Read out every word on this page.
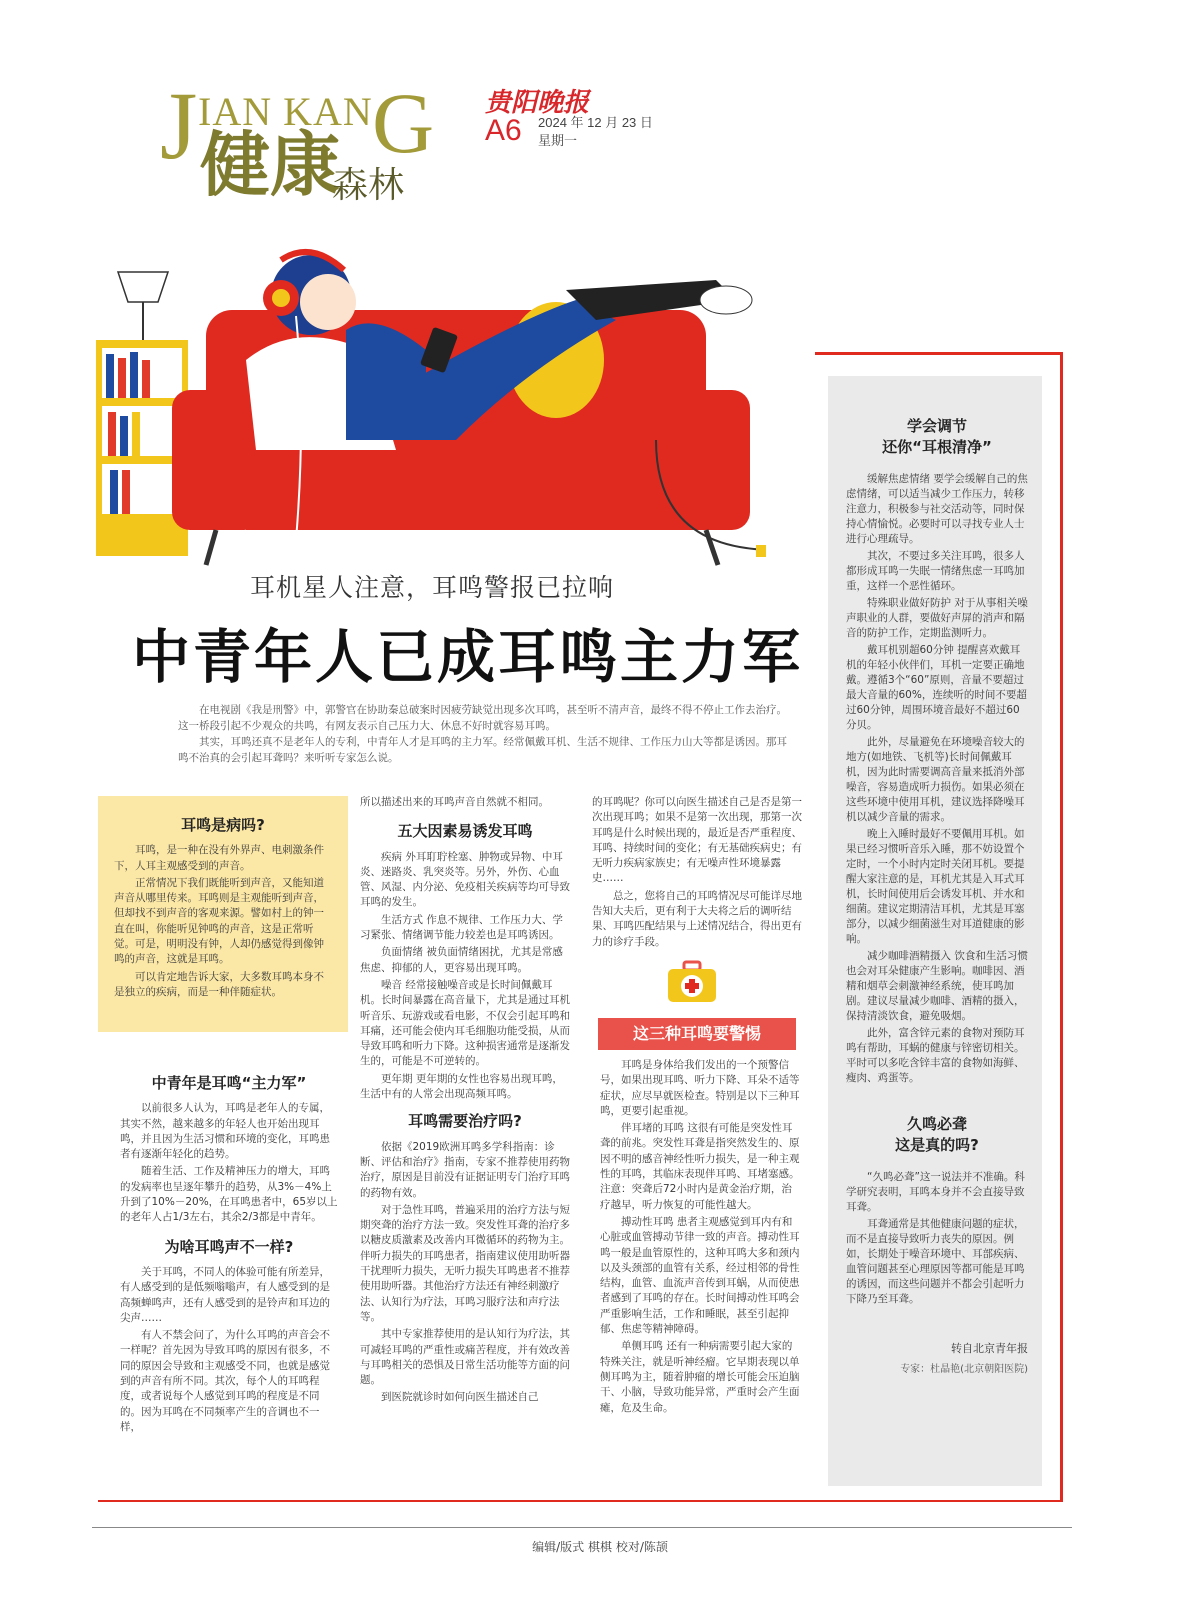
J IAN KAN G
健康
森林
贵阳晚报
A6 2024 年 12 月 23 日
星期一
耳机星人注意，耳鸣警报已拉响
中青年人已成耳鸣主力军

在电视剧《我是刑警》中，郭警官在协助秦总破案时因疲劳缺觉出现多次耳鸣，甚至听不清声音，最终不得不停止工作去治疗。这一桥段引起不少观众的共鸣，有网友表示自己压力大、休息不好时就容易耳鸣。

其实，耳鸣还真不是老年人的专利，中青年人才是耳鸣的主力军。经常佩戴耳机、生活不规律、工作压力山大等都是诱因。那耳鸣不治真的会引起耳聋吗？来听听专家怎么说。

耳鸣是病吗?

耳鸣，是一种在没有外界声、电刺激条件下，人耳主观感受到的声音。

正常情况下我们既能听到声音，又能知道声音从哪里传来。耳鸣则是主观能听到声音，但却找不到声音的客观来源。譬如村上的钟一直在叫，你能听见钟鸣的声音，这是正常听觉。可是，明明没有钟，人却仍感觉得到像钟鸣的声音，这就是耳鸣。

可以肯定地告诉大家，大多数耳鸣本身不是独立的疾病，而是一种伴随症状。

中青年是耳鸣“主力军”

以前很多人认为，耳鸣是老年人的专属，其实不然，越来越多的年轻人也开始出现耳鸣，并且因为生活习惯和环境的变化，耳鸣患者有逐渐年轻化的趋势。

随着生活、工作及精神压力的增大，耳鸣的发病率也呈逐年攀升的趋势，从3%－4%上升到了10%－20%，在耳鸣患者中，65岁以上的老年人占1/3左右，其余2/3都是中青年。

为啥耳鸣声不一样?

关于耳鸣，不同人的体验可能有所差异，有人感受到的是低频嗡嗡声，有人感受到的是高频蝉鸣声，还有人感受到的是铃声和耳边的尖声……

有人不禁会问了，为什么耳鸣的声音会不一样呢？首先因为导致耳鸣的原因有很多，不同的原因会导致和主观感受不同，也就是感觉到的声音有所不同。其次，每个人的耳鸣程度，或者说每个人感觉到耳鸣的程度是不同的。因为耳鸣在不同频率产生的音调也不一样，

所以描述出来的耳鸣声音自然就不相同。

五大因素易诱发耳鸣

疾病 外耳耵聍栓塞、肿物或异物、中耳炎、迷路炎、乳突炎等。另外，外伤、心血管、风湿、内分泌、免疫相关疾病等均可导致耳鸣的发生。

生活方式 作息不规律、工作压力大、学习紧张、情绪调节能力较差也是耳鸣诱因。

负面情绪 被负面情绪困扰，尤其是常感焦虑、抑郁的人，更容易出现耳鸣。

噪音 经常接触噪音或是长时间佩戴耳机。长时间暴露在高音量下，尤其是通过耳机听音乐、玩游戏或看电影，不仅会引起耳鸣和耳痛，还可能会使内耳毛细胞功能受损，从而导致耳鸣和听力下降。这种损害通常是逐渐发生的，可能是不可逆转的。

更年期 更年期的女性也容易出现耳鸣，生活中有的人常会出现高频耳鸣。

耳鸣需要治疗吗?

依据《2019欧洲耳鸣多学科指南：诊断、评估和治疗》指南，专家不推荐使用药物治疗，原因是目前没有证据证明专门治疗耳鸣的药物有效。

对于急性耳鸣，普遍采用的治疗方法与短期突聋的治疗方法一致。突发性耳聋的治疗多以糖皮质激素及改善内耳微循环的药物为主。伴听力损失的耳鸣患者，指南建议使用助听器干扰理听力损失，无听力损失耳鸣患者不推荐使用助听器。其他治疗方法还有神经刺激疗法、认知行为疗法，耳鸣习服疗法和声疗法等。

其中专家推荐使用的是认知行为疗法，其可减轻耳鸣的严重性或痛苦程度，并有效改善与耳鸣相关的恐惧及日常生活功能等方面的问题。

到医院就诊时如何向医生描述自己

的耳鸣呢？你可以向医生描述自己是否是第一次出现耳鸣；如果不是第一次出现，那第一次耳鸣是什么时候出现的，最近是否严重程度、耳鸣、持续时间的变化；有无基础疾病史；有无听力疾病家族史；有无噪声性环境暴露史……

总之，您将自己的耳鸣情况尽可能详尽地告知大夫后，更有利于大夫将之后的调听结果、耳鸣匹配结果与上述情况结合，得出更有力的诊疗手段。

这三种耳鸣要警惕

耳鸣是身体给我们发出的一个预警信号，如果出现耳鸣、听力下降、耳朵不适等症状，应尽早就医检查。特别是以下三种耳鸣，更要引起重视。

伴耳堵的耳鸣 这很有可能是突发性耳聋的前兆。突发性耳聋是指突然发生的、原因不明的感音神经性听力损失，是一种主观性的耳鸣，其临床表现伴耳鸣、耳堵塞感。注意：突聋后72小时内是黄金治疗期，治疗越早，听力恢复的可能性越大。

搏动性耳鸣 患者主观感觉到耳内有和心脏或血管搏动节律一致的声音。搏动性耳鸣一般是血管原性的，这种耳鸣大多和颈内以及头颈部的血管有关系，经过相邻的骨性结构，血管、血流声音传到耳蜗，从而使患者感到了耳鸣的存在。长时间搏动性耳鸣会严重影响生活，工作和睡眠，甚至引起抑郁、焦虑等精神障碍。

单侧耳鸣 还有一种病需要引起大家的特殊关注，就是听神经瘤。它早期表现以单侧耳鸣为主，随着肿瘤的增长可能会压迫脑干、小脑，导致功能异常，严重时会产生面瘫，危及生命。

学会调节
还你“耳根清净”

缓解焦虑情绪 要学会缓解自己的焦虑情绪，可以适当减少工作压力，转移注意力，积极参与社交活动等，同时保持心情愉悦。必要时可以寻找专业人士进行心理疏导。

其次，不要过多关注耳鸣，很多人都形成耳鸣一失眠一情绪焦虑一耳鸣加重，这样一个恶性循环。

特殊职业做好防护 对于从事相关噪声职业的人群，要做好声屏的消声和隔音的防护工作，定期监测听力。

戴耳机别超60分钟 提醒喜欢戴耳机的年轻小伙伴们，耳机一定要正确地戴。遵循3个“60”原则，音量不要超过最大音量的60%，连续听的时间不要超过60分钟，周围环境音最好不超过60分贝。

此外，尽量避免在环境噪音较大的地方(如地铁、飞机等)长时间佩戴耳机，因为此时需要调高音量来抵消外部噪音，容易造成听力损伤。如果必须在这些环境中使用耳机，建议选择降噪耳机以减少音量的需求。

晚上入睡时最好不要佩用耳机。如果已经习惯听音乐入睡，那不妨设置个定时，一个小时内定时关闭耳机。要提醒大家注意的是，耳机尤其是入耳式耳机，长时间使用后会诱发耳机、并水和细菌。建议定期清洁耳机，尤其是耳塞部分，以减少细菌滋生对耳道健康的影响。

减少咖啡酒精摄入 饮食和生活习惯也会对耳朵健康产生影响。咖啡因、酒精和烟草会刺激神经系统，使耳鸣加剧。建议尽量减少咖啡、酒精的摄入，保持清淡饮食，避免吸烟。

此外，富含锌元素的食物对预防耳鸣有帮助，耳蜗的健康与锌密切相关。平时可以多吃含锌丰富的食物如海鲜、瘦肉、鸡蛋等。

久鸣必聋
这是真的吗?

“久鸣必聋”这一说法并不准确。科学研究表明，耳鸣本身并不会直接导致耳聋。

耳聋通常是其他健康问题的症状，而不是直接导致听力丧失的原因。例如，长期处于噪音环境中、耳部疾病、血管问题甚至心理原因等都可能是耳鸣的诱因，而这些问题并不都会引起听力下降乃至耳聋。

转自北京青年报

专家：杜晶艳(北京朝阳医院)

编辑/版式 棋棋 校对/陈颉
